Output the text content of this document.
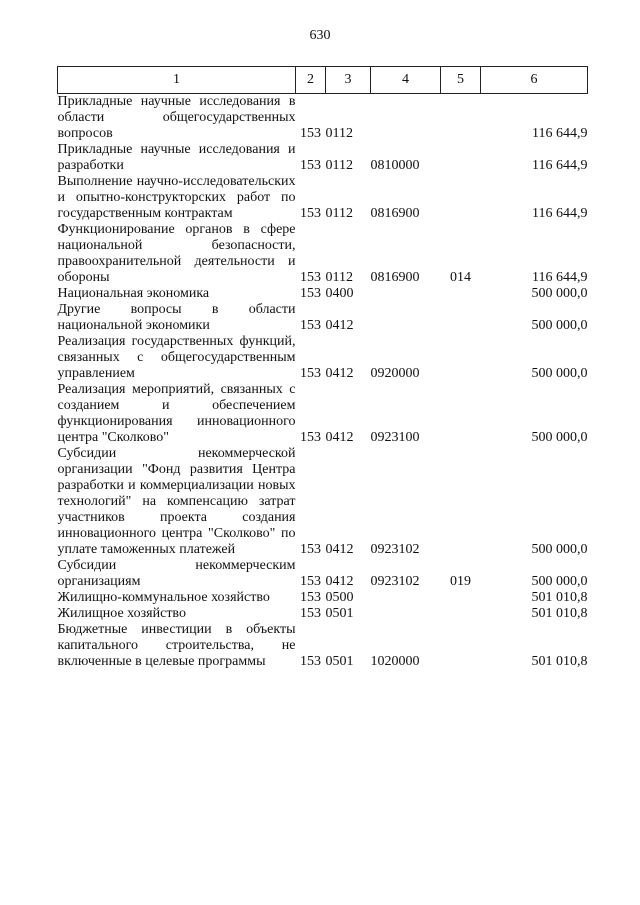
630
1	2	3	4	5	6
Прикладные научные исследования в области общегосударственных вопросов	153	0112			116 644,9
Прикладные научные исследования и разработки	153	0112	0810000		116 644,9
Выполнение научно-исследовательских и опытно-конструкторских работ по государственным контрактам	153	0112	0816900		116 644,9
Функционирование органов в сфере национальной безопасности, правоохранительной деятельности и обороны	153	0112	0816900	014	116 644,9
Национальная экономика	153	0400			500 000,0
Другие вопросы в области национальной экономики	153	0412			500 000,0
Реализация государственных функций, связанных с общегосударственным управлением	153	0412	0920000		500 000,0
Реализация мероприятий, связанных с созданием и обеспечением функционирования инновационного центра "Сколково"	153	0412	0923100		500 000,0
Субсидии некоммерческой организации "Фонд развития Центра разработки и коммерциализации новых технологий" на компенсацию затрат участников проекта создания инновационного центра "Сколково" по уплате таможенных платежей	153	0412	0923102		500 000,0
Субсидии некоммерческим организациям	153	0412	0923102	019	500 000,0
Жилищно-коммунальное хозяйство	153	0500			501 010,8
Жилищное хозяйство	153	0501			501 010,8
Бюджетные инвестиции в объекты капитального строительства, не включенные в целевые программы	153	0501	1020000		501 010,8
